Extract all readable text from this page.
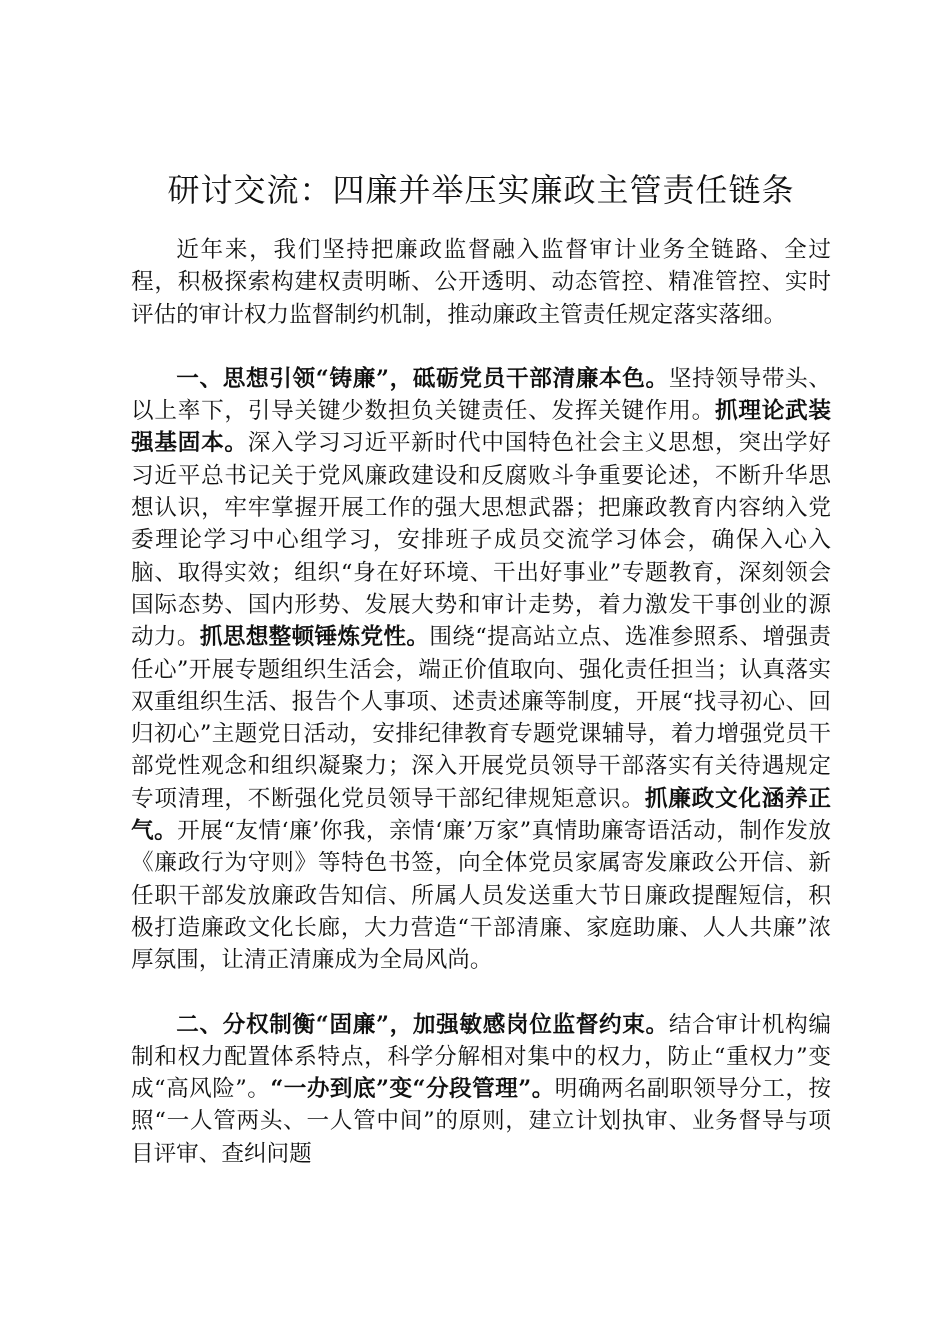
研讨交流：四廉并举压实廉政主管责任链条

近年来，我们坚持把廉政监督融入监督审计业务全链路、全过程，积极探索构建权责明晰、公开透明、动态管控、精准管控、实时评估的审计权力监督制约机制，推动廉政主管责任规定落实落细。

一、思想引领“铸廉”，砥砺党员干部清廉本色。坚持领导带头、以上率下，引导关键少数担负关键责任、发挥关键作用。抓理论武装强基固本。深入学习习近平新时代中国特色社会主义思想，突出学好习近平总书记关于党风廉政建设和反腐败斗争重要论述，不断升华思想认识，牢牢掌握开展工作的强大思想武器；把廉政教育内容纳入党委理论学习中心组学习，安排班子成员交流学习体会，确保入心入脑、取得实效；组织“身在好环境、干出好事业”专题教育，深刻领会国际态势、国内形势、发展大势和审计走势，着力激发干事创业的源动力。抓思想整顿锤炼党性。围绕“提高站立点、选准参照系、增强责任心”开展专题组织生活会，端正价值取向、强化责任担当；认真落实双重组织生活、报告个人事项、述责述廉等制度，开展“找寻初心、回归初心”主题党日活动，安排纪律教育专题党课辅导，着力增强党员干部党性观念和组织凝聚力；深入开展党员领导干部落实有关待遇规定专项清理，不断强化党员领导干部纪律规矩意识。抓廉政文化涵养正气。开展“友情‘廉’你我，亲情‘廉’万家”真情助廉寄语活动，制作发放《廉政行为守则》等特色书签，向全体党员家属寄发廉政公开信、新任职干部发放廉政告知信、所属人员发送重大节日廉政提醒短信，积极打造廉政文化长廊，大力营造“干部清廉、家庭助廉、人人共廉”浓厚氛围，让清正清廉成为全局风尚。

二、分权制衡“固廉”，加强敏感岗位监督约束。结合审计机构编制和权力配置体系特点，科学分解相对集中的权力，防止“重权力”变成“高风险”。“一办到底”变“分段管理”。明确两名副职领导分工，按照“一人管两头、一人管中间”的原则，建立计划执审、业务督导与项目评审、查纠问题
